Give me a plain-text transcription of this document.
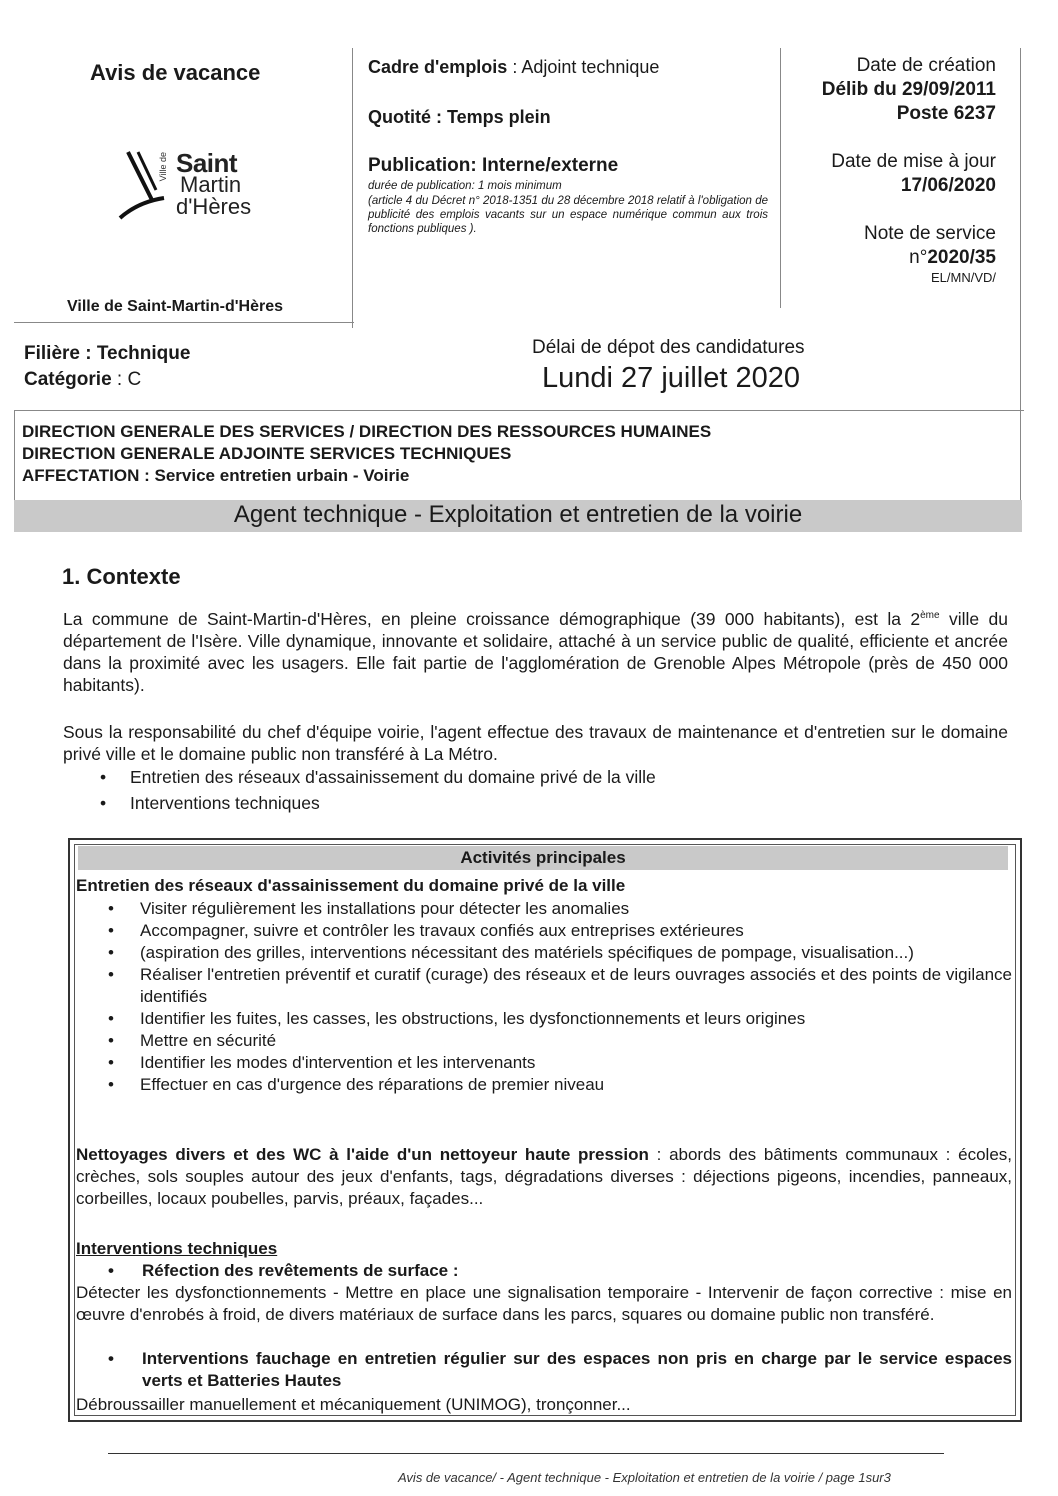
Avis de vacance
Ville de Saint
Martin
d'Hères
Ville de Saint-Martin-d'Hères
Filière : Technique
Catégorie : C
Cadre d'emplois : Adjoint technique
Quotité : Temps plein
Publication: Interne/externe
durée de publication: 1 mois minimum
(article 4 du Décret n° 2018-1351 du 28 décembre 2018 relatif à l'obligation de publicité des emplois vacants sur un espace numérique commun aux trois fonctions publiques ).
Délai de dépot des candidatures
Lundi 27 juillet 2020
Date de création
Délib du 29/09/2011
Poste 6237
Date de mise à jour
17/06/2020
Note de service
n°2020/35
EL/MN/VD/
DIRECTION GENERALE DES SERVICES / DIRECTION DES RESSOURCES HUMAINES
DIRECTION GENERALE ADJOINTE SERVICES TECHNIQUES
AFFECTATION : Service entretien urbain - Voirie
Agent technique - Exploitation et entretien de la voirie
1. Contexte
La commune de Saint-Martin-d'Hères, en pleine croissance démographique (39 000 habitants), est la 2ème ville du département de l'Isère. Ville dynamique, innovante et solidaire, attaché à un service public de qualité, efficiente et ancrée dans la proximité avec les usagers. Elle fait partie de l'agglomération de Grenoble Alpes Métropole (près de 450 000 habitants).
Sous la responsabilité du chef d'équipe voirie, l'agent effectue des travaux de maintenance et d'entretien sur le domaine privé ville et le domaine public non transféré à La Métro.
• Entretien des réseaux d'assainissement du domaine privé de la ville
• Interventions techniques
Activités principales
Entretien des réseaux d'assainissement du domaine privé de la ville
• Visiter régulièrement les installations pour détecter les anomalies
• Accompagner, suivre et contrôler les travaux confiés aux entreprises extérieures
• (aspiration des grilles, interventions nécessitant des matériels spécifiques de pompage, visualisation...)
• Réaliser l'entretien préventif et curatif (curage) des réseaux et de leurs ouvrages associés et des points de vigilance identifiés
• Identifier les fuites, les casses, les obstructions, les dysfonctionnements et leurs origines
• Mettre en sécurité
• Identifier les modes d'intervention et les intervenants
• Effectuer en cas d'urgence des réparations de premier niveau
Nettoyages divers et des WC à l'aide d'un nettoyeur haute pression : abords des bâtiments communaux : écoles, crèches, sols souples autour des jeux d'enfants, tags, dégradations diverses : déjections pigeons, incendies, panneaux, corbeilles, locaux poubelles, parvis, préaux, façades...
Interventions techniques
• Réfection des revêtements de surface :
Détecter les dysfonctionnements - Mettre en place une signalisation temporaire - Intervenir de façon corrective : mise en œuvre d'enrobés à froid, de divers matériaux de surface dans les parcs, squares ou domaine public non transféré.
• Interventions fauchage en entretien régulier sur des espaces non pris en charge par le service espaces verts et Batteries Hautes
Débroussailler manuellement et mécaniquement (UNIMOG), tronçonner...
Avis de vacance/ - Agent technique - Exploitation et entretien de la voirie / page 1sur3
